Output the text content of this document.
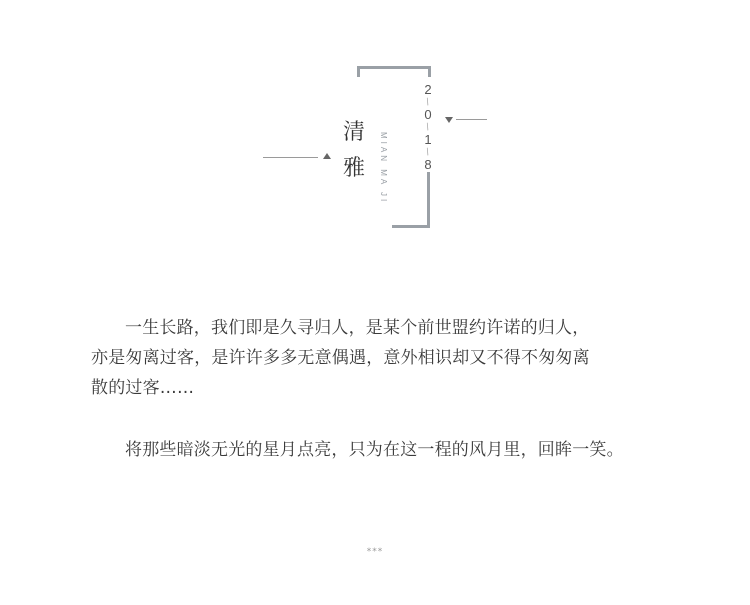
清
雅 MIAN MA JI
2
/
0
/
1
/
8

一生长路，我们即是久寻归人，是某个前世盟约许诺的归人，
亦是匆离过客，是许许多多无意偶遇，意外相识却又不得不匆匆离
散的过客……

将那些暗淡无光的星月点亮，只为在这一程的风月里，回眸一笑。

***
